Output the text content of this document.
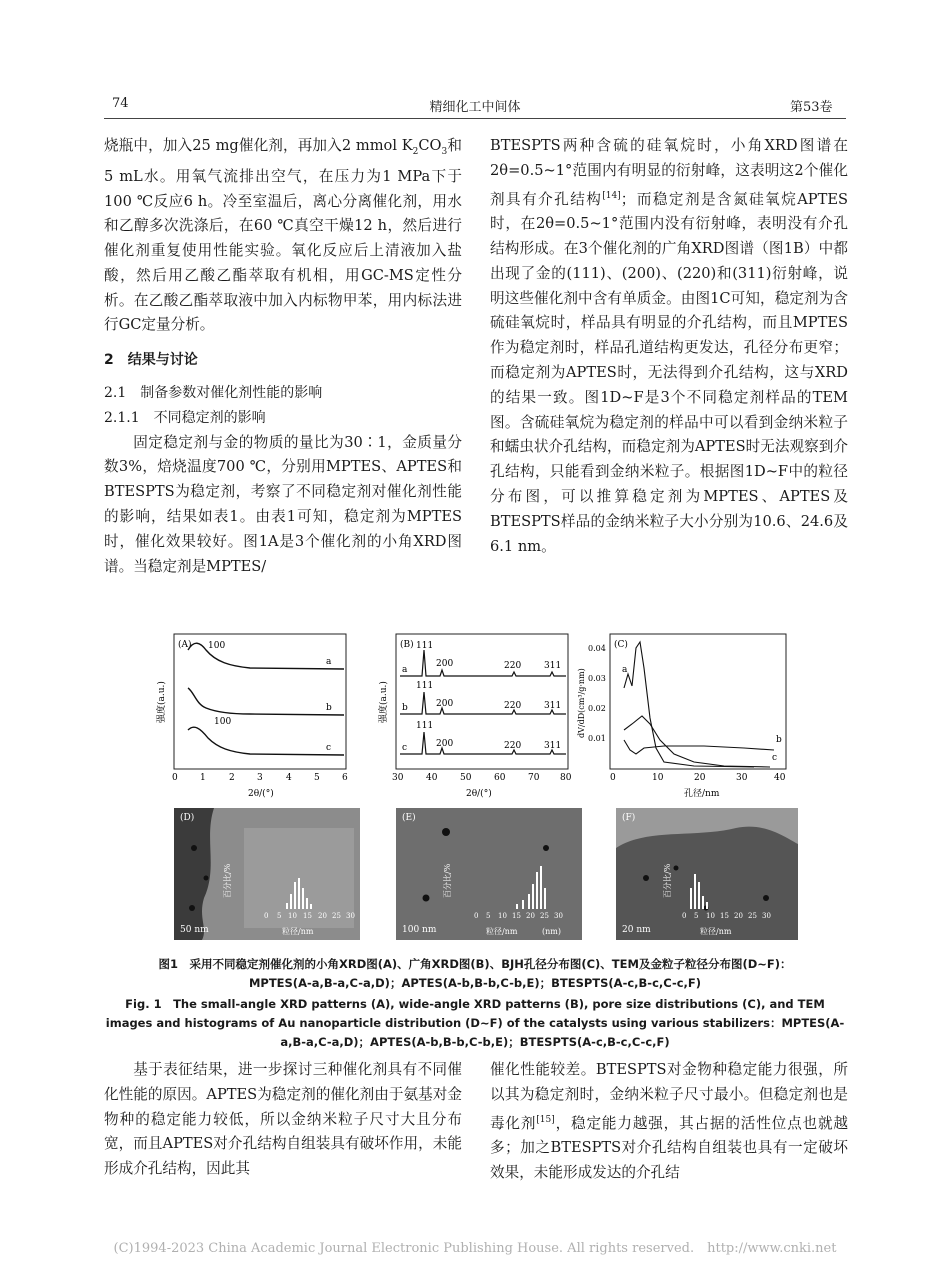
74	精细化工中间体	第53卷

烧瓶中，加入25 mg催化剂，再加入2 mmol $K_2CO_3$和5 mL水。用氧气流排出空气，在压力为1 MPa下于100 ℃反应6 h。冷至室温后，离心分离催化剂，用水和乙醇多次洗涤后，在60 ℃真空干燥12 h，然后进行催化剂重复使用性能实验。氧化反应后上清液加入盐酸，然后用乙酸乙酯萃取有机相，用GC-MS定性分析。在乙酸乙酯萃取液中加入内标物甲苯，用内标法进行GC定量分析。

2　结果与讨论

2.1　制备参数对催化剂性能的影响

2.1.1　不同稳定剂的影响

固定稳定剂与金的物质的量比为30∶1，金质量分数3%，焙烧温度700 ℃，分别用MPTES、APTES和BTESPTS为稳定剂，考察了不同稳定剂对催化剂性能的影响，结果如表1。由表1可知，稳定剂为MPTES时，催化效果较好。图1A是3个催化剂的小角XRD图谱。当稳定剂是MPTES/

BTESPTS两种含硫的硅氧烷时，小角XRD图谱在2θ=0.5~1°范围内有明显的衍射峰，这表明这2个催化剂具有介孔结构[14]；而稳定剂是含氮硅氧烷APTES时，在2θ=0.5~1°范围内没有衍射峰，表明没有介孔结构形成。在3个催化剂的广角XRD图谱（图1B）中都出现了金的(111)、(200)、(220)和(311)衍射峰，说明这些催化剂中含有单质金。由图1C可知，稳定剂为含硫硅氧烷时，样品具有明显的介孔结构，而且MPTES作为稳定剂时，样品孔道结构更发达，孔径分布更窄；而稳定剂为APTES时，无法得到介孔结构，这与XRD的结果一致。图1D~F是3个不同稳定剂样品的TEM图。含硫硅氧烷为稳定剂的样品中可以看到金纳米粒子和蠕虫状介孔结构，而稳定剂为APTES时无法观察到介孔结构，只能看到金纳米粒子。根据图1D~F中的粒径分布图，可以推算稳定剂为MPTES、APTES及BTESPTS样品的金纳米粒子大小分别为10.6、24.6及6.1 nm。

(A)
强度(a.u.)
2θ/(°)
0 1	2 3	4 5 6
100
100
a
b
c
(B)
强度(a.u.)
2θ/(°)
30	40	50	60	70 80
a
b
c
111
200	220	311
111
200	220	311
111
200	220	311
(C)
dV/dD(cm³/g·nm)
孔径/nm
0.01
0.02
0.03
0.04
0	10	20	30	40
a
b
c
(D)
50 nm
百分比/%
0 5 10 15 20 25 30
粒径/nm
(E)
100 nm
百分比/%
0 5 10 15 20 25 30
粒径/nm	(nm)
(F)
20 nm
百分比/%
0 5 10 15 20 25 30
粒径/nm
图1　采用不同稳定剂催化剂的小角XRD图(A)、广角XRD图(B)、BJH孔径分布图(C)、TEM及金粒子粒径分布图(D~F)：
MPTES(A-a,B-a,C-a,D)；APTES(A-b,B-b,C-b,E)；BTESPTS(A-c,B-c,C-c,F)
Fig. 1　The small-angle XRD patterns (A), wide-angle XRD patterns (B), pore size distributions (C), and TEM images and histograms of Au nanoparticle distribution (D~F) of the catalysts using various stabilizers：MPTES(A-a,B-a,C-a,D)；APTES(A-b,B-b,C-b,E)；BTESPTS(A-c,B-c,C-c,F)

基于表征结果，进一步探讨三种催化剂具有不同催化性能的原因。APTES为稳定剂的催化剂由于氨基对金物种的稳定能力较低，所以金纳米粒子尺寸大且分布宽，而且APTES对介孔结构自组装具有破坏作用，未能形成介孔结构，因此其

催化性能较差。BTESPTS对金物种稳定能力很强，所以其为稳定剂时，金纳米粒子尺寸最小。但稳定剂也是毒化剂[15]，稳定能力越强，其占据的活性位点也就越多；加之BTESPTS对介孔结构自组装也具有一定破坏效果，未能形成发达的介孔结

(C)1994-2023 China Academic Journal Electronic Publishing House. All rights reserved.　http://www.cnki.net
